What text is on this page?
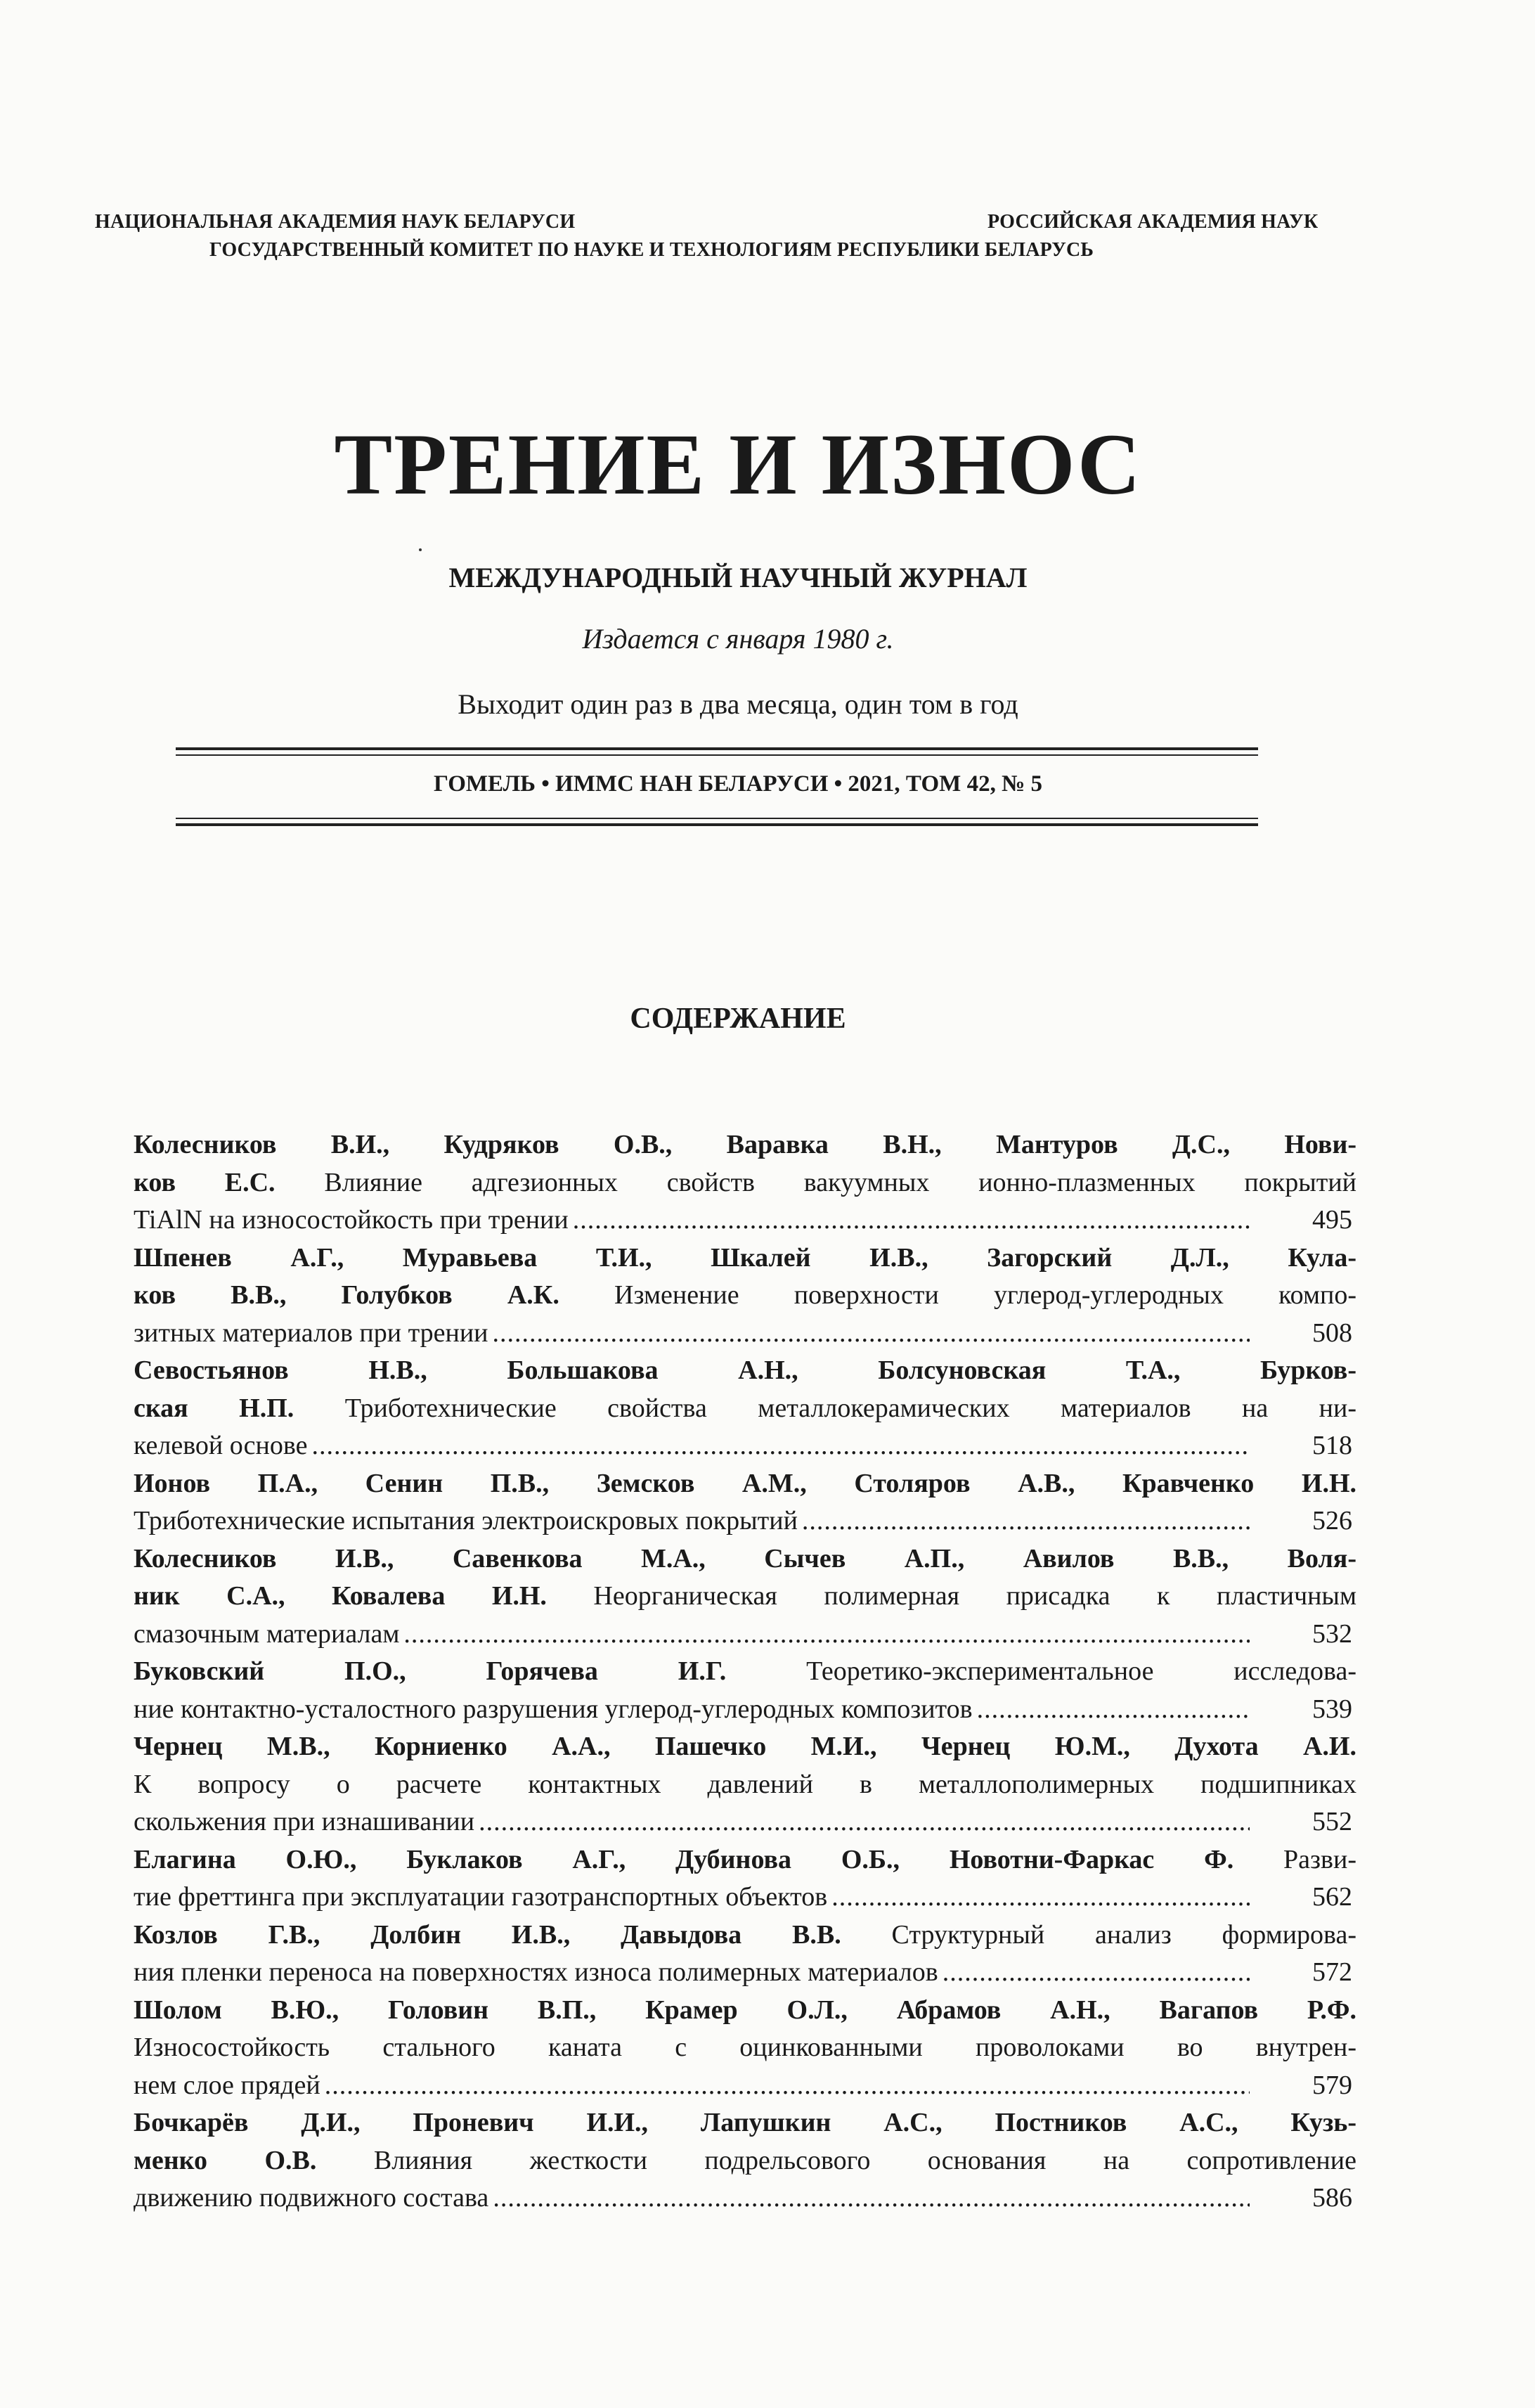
НАЦИОНАЛЬНАЯ АКАДЕМИЯ НАУК БЕЛАРУСИ	РОССИЙСКАЯ АКАДЕМИЯ НАУК
ГОСУДАРСТВЕННЫЙ КОМИТЕТ ПО НАУКЕ И ТЕХНОЛОГИЯМ РЕСПУБЛИКИ БЕЛАРУСЬ
ТРЕНИЕ И ИЗНОС
МЕЖДУНАРОДНЫЙ НАУЧНЫЙ ЖУРНАЛ
Издается с января 1980 г.
Выходит один раз в два месяца, один том в год
ГОМЕЛЬ • ИММС НАН БЕЛАРУСИ • 2021, ТОМ 42, № 5
СОДЕРЖАНИЕ
Колесников В.И., Кудряков О.В., Варавка В.Н., Мантуров Д.С., Нови-
ков Е.С. Влияние адгезионных свойств вакуумных ионно-плазменных покрытий
TiAlN на износостойкость при трении .....	495
Шпенев А.Г., Муравьева Т.И., Шкалей И.В., Загорский Д.Л., Кула-
ков В.В., Голубков А.К. Изменение поверхности углерод-углеродных компо-
зитных материалов при трении .....	508
Севостьянов Н.В., Большакова А.Н., Болсуновская Т.А., Бурков-
ская Н.П. Триботехнические свойства металлокерамических материалов на ни-
келевой основе .....	518
Ионов П.А., Сенин П.В., Земсков А.М., Столяров А.В., Кравченко И.Н.
Триботехнические испытания электроискровых покрытий .....	526
Колесников И.В., Савенкова М.А., Сычев А.П., Авилов В.В., Воля-
ник С.А., Ковалева И.Н. Неорганическая полимерная присадка к пластичным
смазочным материалам .....	532
Буковский П.О., Горячева И.Г. Теоретико-экспериментальное исследова-
ние контактно-усталостного разрушения углерод-углеродных композитов .....	539
Чернец М.В., Корниенко А.А., Пашечко М.И., Чернец Ю.М., Духота А.И.
К вопросу о расчете контактных давлений в металлополимерных подшипниках
скольжения при изнашивании .....	552
Елагина О.Ю., Буклаков А.Г., Дубинова О.Б., Новотни-Фаркас Ф. Разви-
тие фреттинга при эксплуатации газотранспортных объектов .....	562
Козлов Г.В., Долбин И.В., Давыдова В.В. Структурный анализ формирова-
ния пленки переноса на поверхностях износа полимерных материалов .....	572
Шолом В.Ю., Головин В.П., Крамер О.Л., Абрамов А.Н., Вагапов Р.Ф.
Износостойкость стального каната с оцинкованными проволоками во внутрен-
нем слое прядей .....	579
Бочкарёв Д.И., Проневич И.И., Лапушкин А.С., Постников А.С., Кузь-
менко О.В. Влияния жесткости подрельсового основания на сопротивление
движению подвижного состава .....	586
